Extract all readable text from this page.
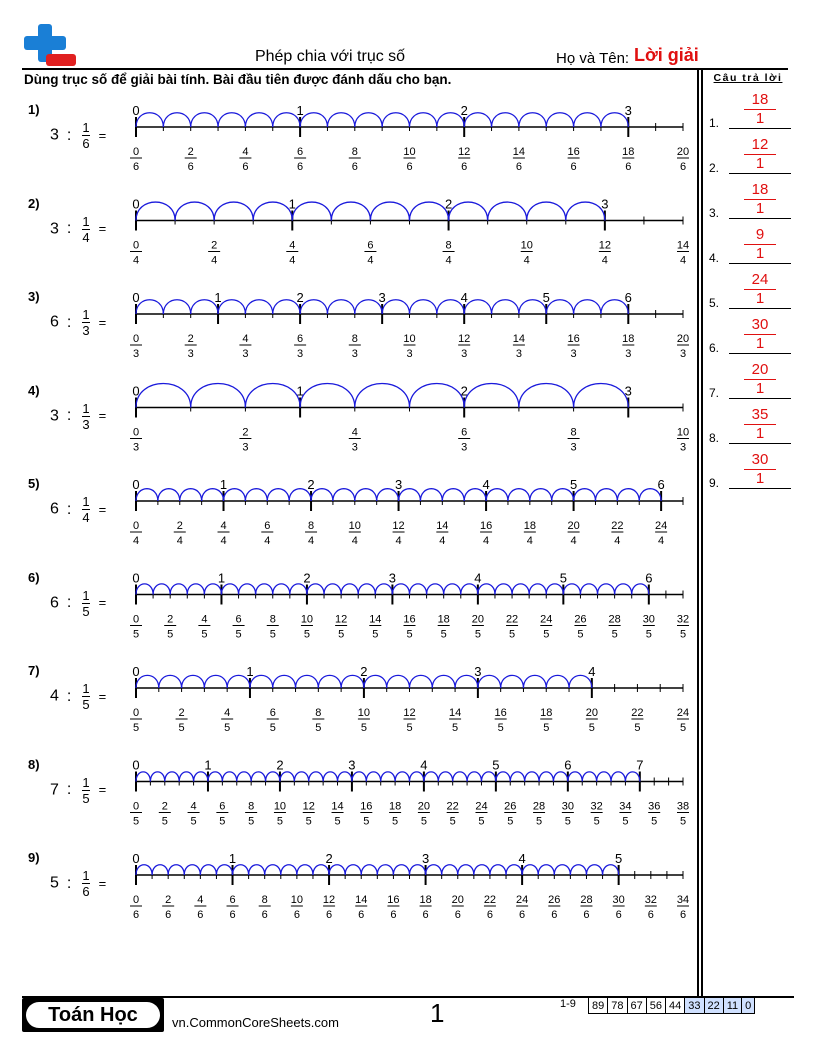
Phép chia với trục số	Họ và Tên: Lời giải
Dùng trục số để giải bài tính. Bài đầu tiên được đánh dấu cho bạn.	Câu trả lời
1.
18
1
2.
12
1
3.
18
1
4.
9
1
5.
24
1
6.
30
1
7.
20
1
8.
35
1
9.
30
1
1)
3 : $\frac{1}{6}$ =
0
6
2
6
4
6
6
6
8
6
10
6
12
6
14
6
16
6
18
6
20
6
0	1	2	3
2)
3 : $\frac{1}{4}$ =
0
4
2
4
4
4
6
4
8
4
10
4
12
4
14
4
0	1	2	3
3)
6 : $\frac{1}{3}$ =
0
3
2
3
4
3
6
3
8
3
10
3
12
3
14
3
16
3
18
3
20
3
0	1	2	3	4	5	6
4)
3 : $\frac{1}{3}$ =
0
3
2
3
4
3
6
3
8
3
10
3
0	1	2	3
5)
6 : $\frac{1}{4}$ =
0
4
2
4
4
4
6
4
8
4
10
4
12
4
14
4
16
4
18
4
20
4
22
4
24
4
0	1	2	3	4	5	6
6)
6 : $\frac{1}{5}$ =
0
5
2
5
4
5
6
5
8
5
10
5
12
5
14
5
16
5
18
5
20
5
22
5
24
5
26
5
28
5
30
5
32
5
0	1	2	3	4	5	6
7)
4 : $\frac{1}{5}$ =
0
5
2
5
4
5
6
5
8
5
10
5
12
5
14
5
16
5
18
5
20
5
22
5
24
5
0	1	2	3	4
8)
7 : $\frac{1}{5}$ =
0
5
2
5
4
5
6
5
8
5
10
5
12
5
14
5
16
5
18
5
20
5
22
5
24
5
26
5
28
5
30
5
32
5
34
5
36
5
38
5
0	1	2	3	4	5	6	7
9)
5 : $\frac{1}{6}$ =
0
6
2
6
4
6
6
6
8
6
10
6
12
6
14
6
16
6
18
6
20
6
22
6
24
6
26
6
28
6
30
6
32
6
34
6
0	1	2	3	4	5
Toán Học	vn.CommonCoreSheets.com	1	1-9 89	78	67	56	44	33	22	11	0
